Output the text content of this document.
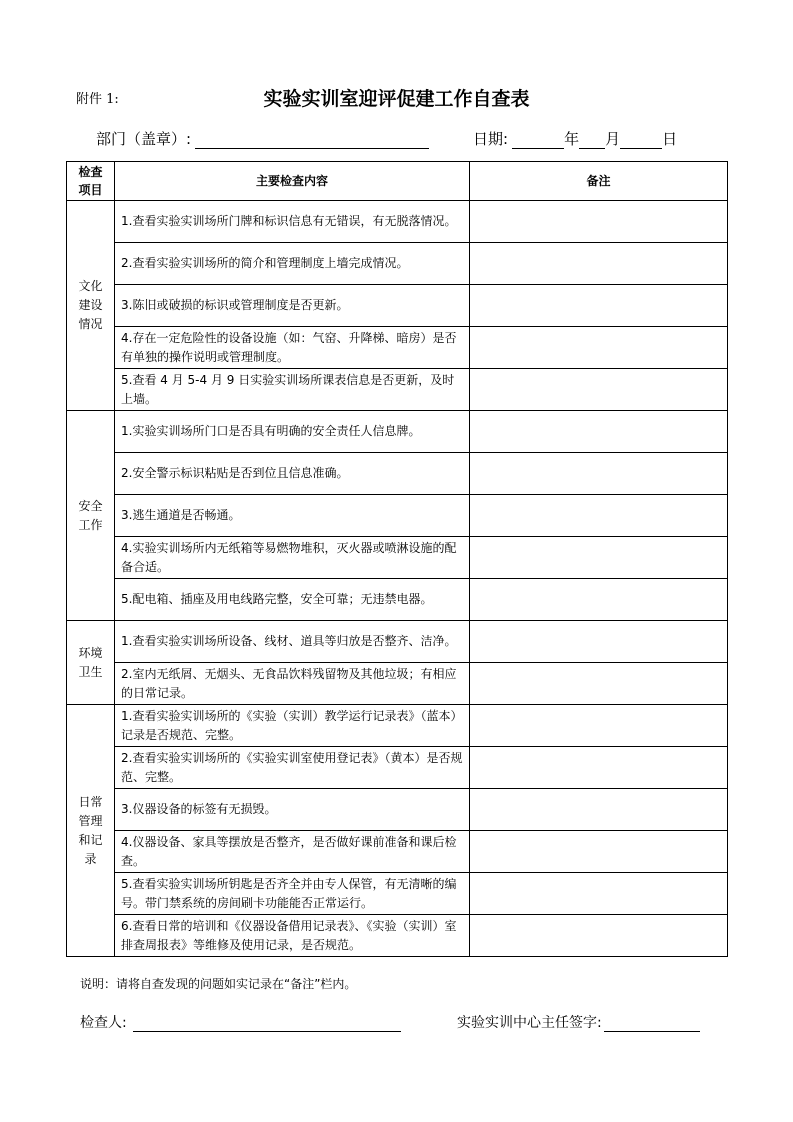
附件 1:	实验实训室迎评促建工作自查表
部门（盖章）:	日期:	年 月	日
检查项目	主要检查内容	备注

文化建设情况	1.查看实验实训场所门牌和标识信息有无错误，有无脱落情况。	
	2.查看实验实训场所的简介和管理制度上墙完成情况。	
	3.陈旧或破损的标识或管理制度是否更新。	
	4.存在一定危险性的设备设施（如：气窑、升降梯、暗房）是否有单独的操作说明或管理制度。	
	5.查看 4 月 5-4 月 9 日实验实训场所课表信息是否更新，及时上墙。	

安全工作	1.实验实训场所门口是否具有明确的安全责任人信息牌。	
	2.安全警示标识粘贴是否到位且信息准确。	
	3.逃生通道是否畅通。	
	4.实验实训场所内无纸箱等易燃物堆积，灭火器或喷淋设施的配备合适。	
	5.配电箱、插座及用电线路完整，安全可靠；无违禁电器。	

环境卫生	1.查看实验实训场所设备、线材、道具等归放是否整齐、洁净。	
	2.室内无纸屑、无烟头、无食品饮料残留物及其他垃圾；有相应的日常记录。	

日常管理和记录	1.查看实验实训场所的《实验（实训）教学运行记录表》（蓝本）记录是否规范、完整。	
	2.查看实验实训场所的《实验实训室使用登记表》（黄本）是否规范、完整。	
	3.仪器设备的标签有无损毁。	
	4.仪器设备、家具等摆放是否整齐，是否做好课前准备和课后检查。	
	5.查看实验实训场所钥匙是否齐全并由专人保管，有无清晰的编号。带门禁系统的房间刷卡功能能否正常运行。	
	6.查看日常的培训和《仪器设备借用记录表》、《实验（实训）室排查周报表》等维修及使用记录，是否规范。	
说明：请将自查发现的问题如实记录在“备注”栏内。
检查人:	实验实训中心主任签字:
